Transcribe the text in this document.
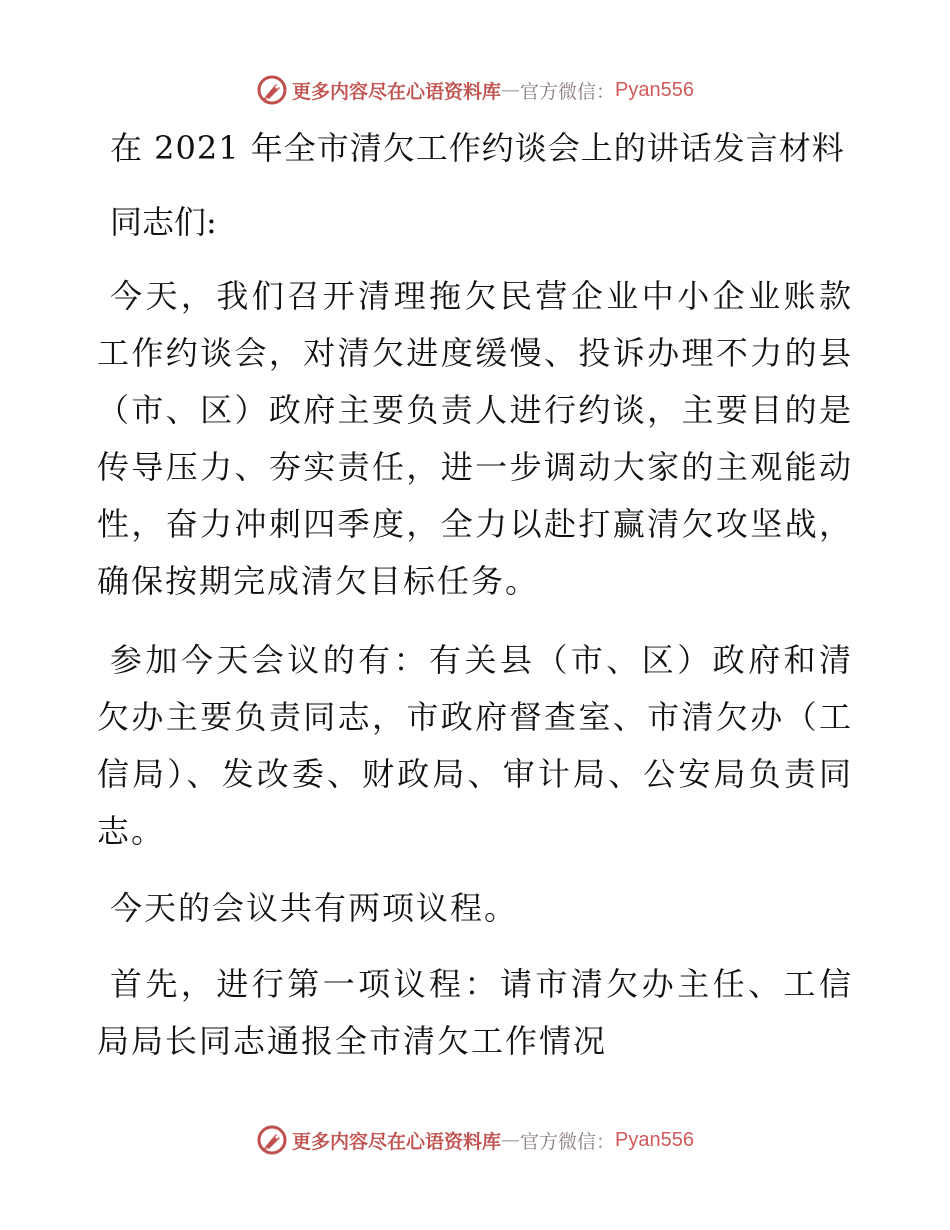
更多内容尽在心语资料库 — 官方微信： Pyan556
在 2021 年全市清欠工作约谈会上的讲话发言材料

同志们:

今天，我们召开清理拖欠民营企业中小企业账款工作约谈会，对清欠进度缓慢、投诉办理不力的县（市、区）政府主要负责人进行约谈，主要目的是传导压力、夯实责任，进一步调动大家的主观能动性，奋力冲刺四季度，全力以赴打赢清欠攻坚战，确保按期完成清欠目标任务。

参加今天会议的有：有关县（市、区）政府和清欠办主要负责同志，市政府督查室、市清欠办（工信局）、发改委、财政局、审计局、公安局负责同志。

今天的会议共有两项议程。

首先，进行第一项议程：请市清欠办主任、工信局局长同志通报全市清欠工作情况

更多内容尽在心语资料库 — 官方微信： Pyan556
